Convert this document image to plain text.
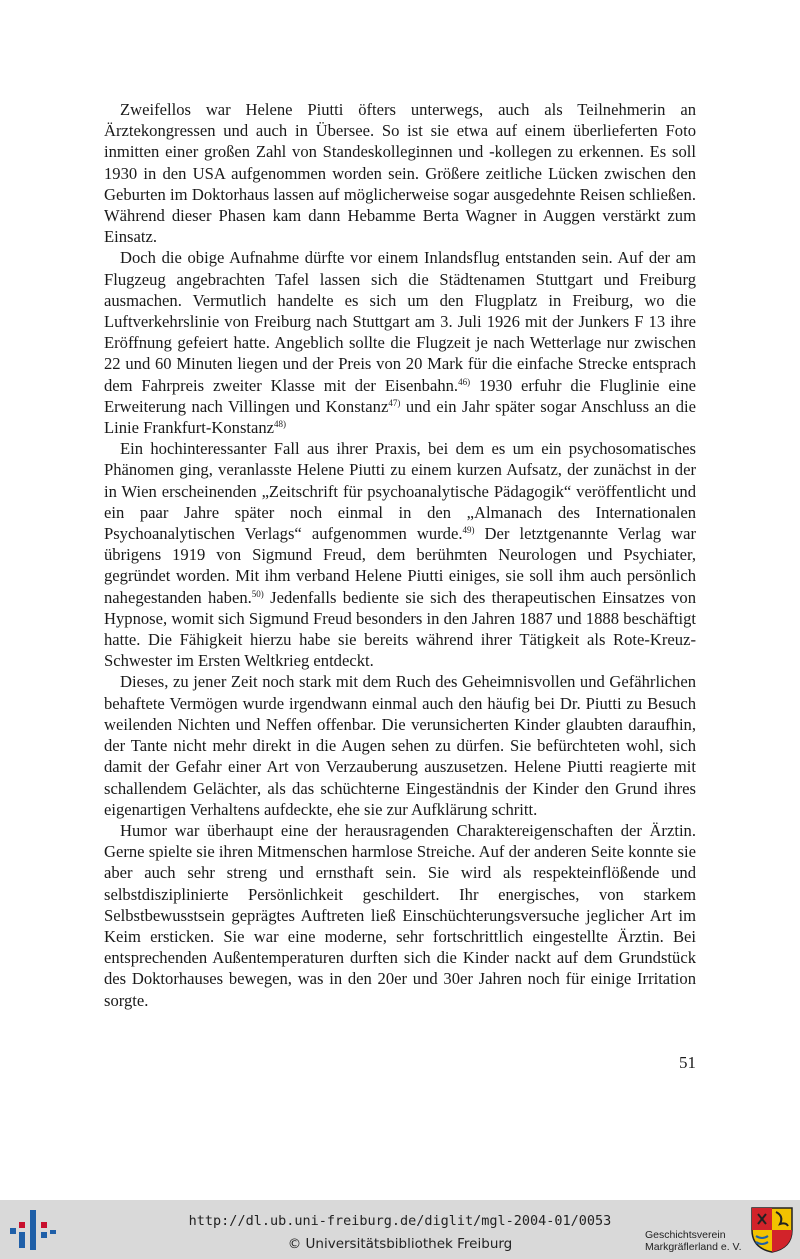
Zweifellos war Helene Piutti öfters unterwegs, auch als Teilnehmerin an Ärztekongressen und auch in Übersee. So ist sie etwa auf einem überlieferten Foto inmitten einer großen Zahl von Standeskolleginnen und -kollegen zu erkennen. Es soll 1930 in den USA aufgenommen worden sein. Größere zeitliche Lücken zwischen den Geburten im Doktorhaus lassen auf möglicherweise sogar ausgedehnte Reisen schließen. Während dieser Phasen kam dann Hebamme Berta Wagner in Auggen verstärkt zum Einsatz.

Doch die obige Aufnahme dürfte vor einem Inlandsflug entstanden sein. Auf der am Flugzeug angebrachten Tafel lassen sich die Städtenamen Stuttgart und Freiburg ausmachen. Vermutlich handelte es sich um den Flugplatz in Freiburg, wo die Luftverkehrslinie von Freiburg nach Stuttgart am 3. Juli 1926 mit der Junkers F 13 ihre Eröffnung gefeiert hatte. Angeblich sollte die Flugzeit je nach Wetterlage nur zwischen 22 und 60 Minuten liegen und der Preis von 20 Mark für die einfache Strecke entsprach dem Fahrpreis zweiter Klasse mit der Eisenbahn.$^{46)}$ 1930 erfuhr die Fluglinie eine Erweiterung nach Villingen und Konstanz$^{47)}$ und ein Jahr später sogar Anschluss an die Linie Frankfurt-Konstanz$^{48)}$

Ein hochinteressanter Fall aus ihrer Praxis, bei dem es um ein psychosomatisches Phänomen ging, veranlasste Helene Piutti zu einem kurzen Aufsatz, der zunächst in der in Wien erscheinenden „Zeitschrift für psychoanalytische Pädagogik“ veröffentlicht und ein paar Jahre später noch einmal in den „Almanach des Internationalen Psychoanalytischen Verlags“ aufgenommen wurde.$^{49)}$ Der letztgenannte Verlag war übrigens 1919 von Sigmund Freud, dem berühmten Neurologen und Psychiater, gegründet worden. Mit ihm verband Helene Piutti einiges, sie soll ihm auch persönlich nahegestanden haben.$^{50)}$ Jedenfalls bediente sie sich des therapeutischen Einsatzes von Hypnose, womit sich Sigmund Freud besonders in den Jahren 1887 und 1888 beschäftigt hatte. Die Fähigkeit hierzu habe sie bereits während ihrer Tätigkeit als Rote-Kreuz-Schwester im Ersten Weltkrieg entdeckt.

Dieses, zu jener Zeit noch stark mit dem Ruch des Geheimnisvollen und Gefährlichen behaftete Vermögen wurde irgendwann einmal auch den häufig bei Dr. Piutti zu Besuch weilenden Nichten und Neffen offenbar. Die verunsicherten Kinder glaubten daraufhin, der Tante nicht mehr direkt in die Augen sehen zu dürfen. Sie befürchteten wohl, sich damit der Gefahr einer Art von Verzauberung auszusetzen. Helene Piutti reagierte mit schallendem Gelächter, als das schüchterne Eingeständnis der Kinder den Grund ihres eigenartigen Verhaltens aufdeckte, ehe sie zur Aufklärung schritt.

Humor war überhaupt eine der herausragenden Charaktereigenschaften der Ärztin. Gerne spielte sie ihren Mitmenschen harmlose Streiche. Auf der anderen Seite konnte sie aber auch sehr streng und ernsthaft sein. Sie wird als respekteinflößende und selbstdisziplinierte Persönlichkeit geschildert. Ihr energisches, von starkem Selbstbewusstsein geprägtes Auftreten ließ Einschüchterungsversuche jeglicher Art im Keim ersticken. Sie war eine moderne, sehr fortschrittlich eingestellte Ärztin. Bei entsprechenden Außentemperaturen durften sich die Kinder nackt auf dem Grundstück des Doktorhauses bewegen, was in den 20er und 30er Jahren noch für einige Irritation sorgte.

51
http://dl.ub.uni-freiburg.de/diglit/mgl-2004-01/0053
© Universitätsbibliothek Freiburg
Geschichtsverein
Markgräflerland e. V.
